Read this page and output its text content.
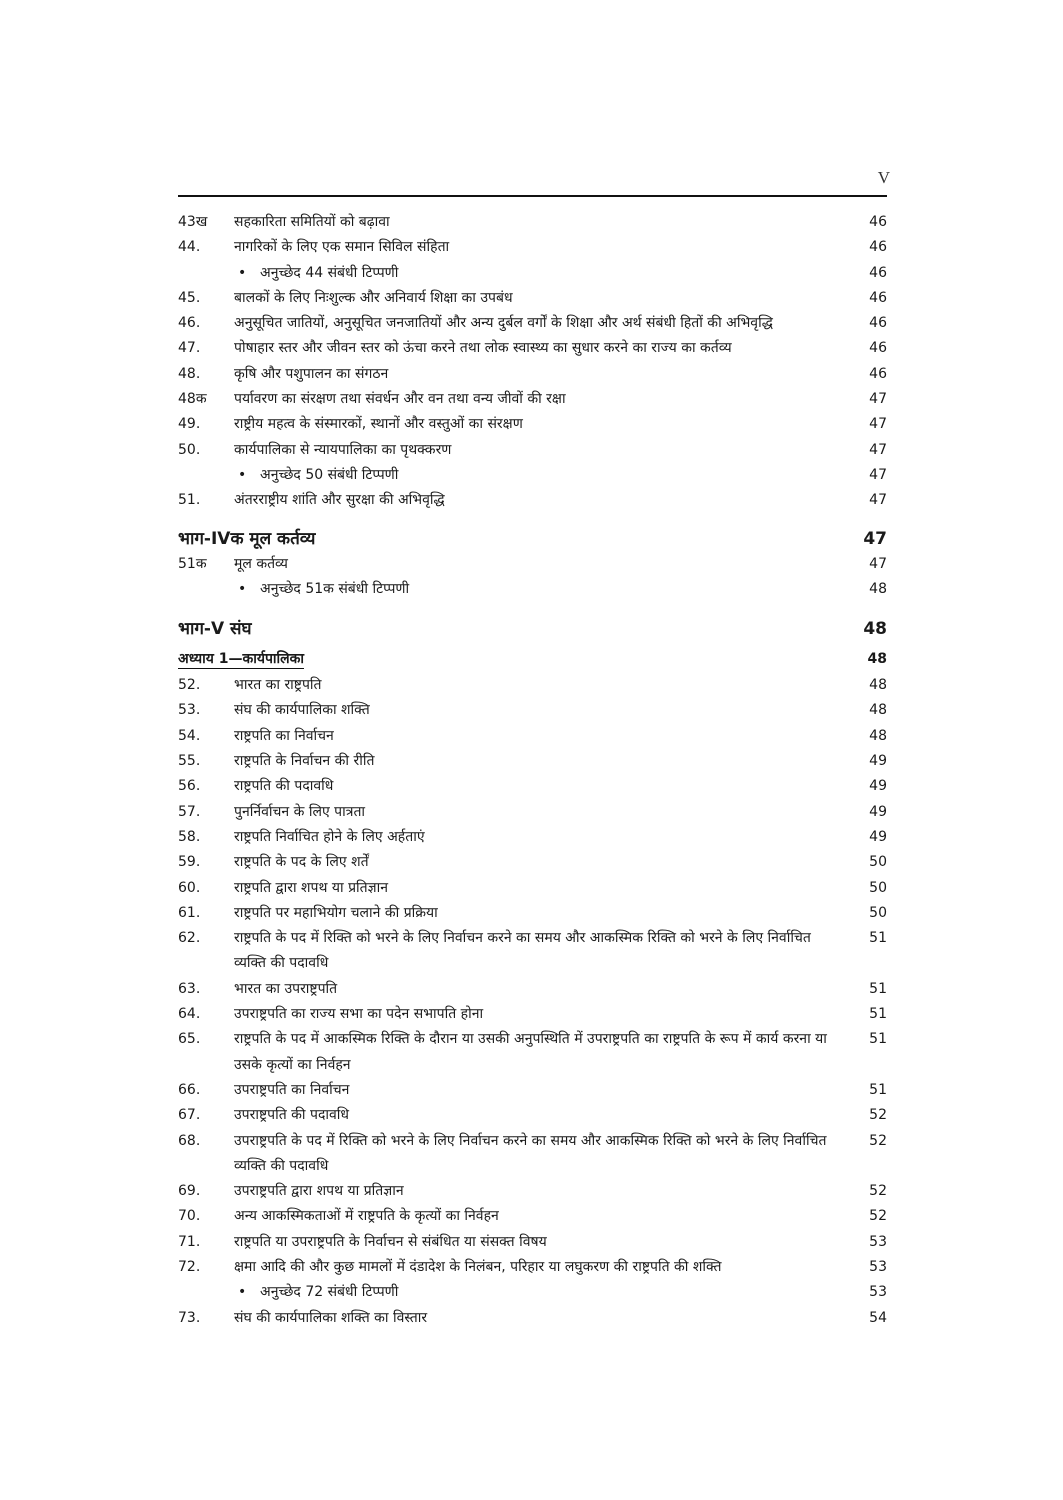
V
43ख	सहकारिता समितियों को बढ़ावा	46
44.	नागरिकों के लिए एक समान सिविल संहिता	46
• अनुच्छेद 44 संबंधी टिप्पणी	46
45.	बालकों के लिए निःशुल्क और अनिवार्य शिक्षा का उपबंध	46
46.	अनुसूचित जातियों, अनुसूचित जनजातियों और अन्य दुर्बल वर्गों के शिक्षा और अर्थ संबंधी हितों की अभिवृद्धि	46
47.	पोषाहार स्तर और जीवन स्तर को ऊंचा करने तथा लोक स्वास्थ्य का सुधार करने का राज्य का कर्तव्य	46
48.	कृषि और पशुपालन का संगठन	46
48क	पर्यावरण का संरक्षण तथा संवर्धन और वन तथा वन्य जीवों की रक्षा	47
49.	राष्ट्रीय महत्व के संस्मारकों, स्थानों और वस्तुओं का संरक्षण	47
50.	कार्यपालिका से न्यायपालिका का पृथक्करण	47
• अनुच्छेद 50 संबंधी टिप्पणी	47
51.	अंतरराष्ट्रीय शांति और सुरक्षा की अभिवृद्धि	47
भाग-IVक मूल कर्तव्य	47
51क	मूल कर्तव्य	47
• अनुच्छेद 51क संबंधी टिप्पणी	48
भाग-V संघ	48
अध्याय 1—कार्यपालिका	48
52.	भारत का राष्ट्रपति	48
53.	संघ की कार्यपालिका शक्ति	48
54.	राष्ट्रपति का निर्वाचन	48
55.	राष्ट्रपति के निर्वाचन की रीति	49
56.	राष्ट्रपति की पदावधि	49
57.	पुनर्निर्वाचन के लिए पात्रता	49
58.	राष्ट्रपति निर्वाचित होने के लिए अर्हताएं	49
59.	राष्ट्रपति के पद के लिए शर्तें	50
60.	राष्ट्रपति द्वारा शपथ या प्रतिज्ञान	50
61.	राष्ट्रपति पर महाभियोग चलाने की प्रक्रिया	50
62.	राष्ट्रपति के पद में रिक्ति को भरने के लिए निर्वाचन करने का समय और आकस्मिक रिक्ति को भरने के लिए निर्वाचित व्यक्ति की पदावधि
51
63.	भारत का उपराष्ट्रपति	51
64.	उपराष्ट्रपति का राज्य सभा का पदेन सभापति होना	51
65.	राष्ट्रपति के पद में आकस्मिक रिक्ति के दौरान या उसकी अनुपस्थिति में उपराष्ट्रपति का राष्ट्रपति के रूप में कार्य करना या उसके कृत्यों का निर्वहन
51
66.	उपराष्ट्रपति का निर्वाचन	51
67.	उपराष्ट्रपति की पदावधि	52
68.	उपराष्ट्रपति के पद में रिक्ति को भरने के लिए निर्वाचन करने का समय और आकस्मिक रिक्ति को भरने के लिए निर्वाचित व्यक्ति की पदावधि
52
69.	उपराष्ट्रपति द्वारा शपथ या प्रतिज्ञान	52
70.	अन्य आकस्मिकताओं में राष्ट्रपति के कृत्यों का निर्वहन	52
71.	राष्ट्रपति या उपराष्ट्रपति के निर्वाचन से संबंधित या संसक्त विषय	53
72.	क्षमा आदि की और कुछ मामलों में दंडादेश के निलंबन, परिहार या लघुकरण की राष्ट्रपति की शक्ति	53
• अनुच्छेद 72 संबंधी टिप्पणी	53
73.	संघ की कार्यपालिका शक्ति का विस्तार	54
